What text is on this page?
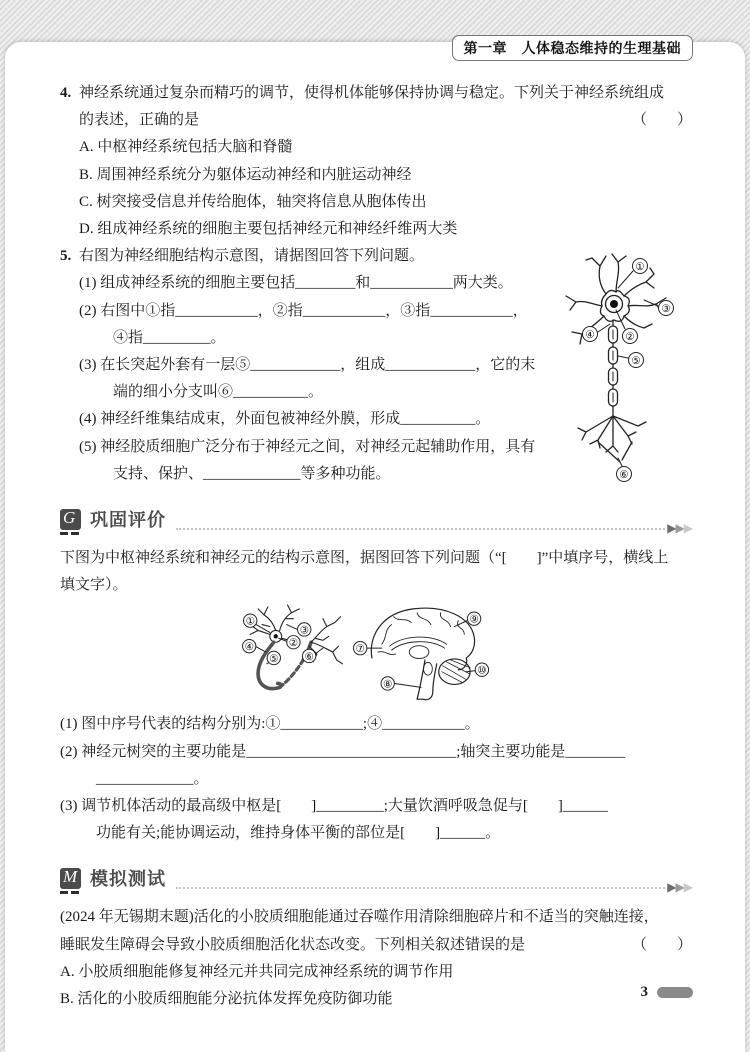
第一章　人体稳态维持的生理基础
4. 神经系统通过复杂而精巧的调节，使得机体能够保持协调与稳定。下列关于神经系统组成
的表述，正确的是	（　　）
A. 中枢神经系统包括大脑和脊髓
B. 周围神经系统分为躯体运动神经和内脏运动神经
C. 树突接受信息并传给胞体，轴突将信息从胞体传出
D. 组成神经系统的细胞主要包括神经元和神经纤维两大类
5. 右图为神经细胞结构示意图，请据图回答下列问题。
(1) 组成神经系统的细胞主要包括________和___________两大类。
(2) 右图中①指___________，②指___________，③指___________，
④指_________。
(3) 在长突起外套有一层⑤____________，组成____________，它的末
端的细小分支叫⑥__________。
(4) 神经纤维集结成束，外面包被神经外膜，形成__________。
(5) 神经胶质细胞广泛分布于神经元之间，对神经元起辅助作用，具有
支持、保护、_____________等多种功能。
①
②
③
④
⑤
⑥
G 巩固评价	▶▶▶
下图为中枢神经系统和神经元的结构示意图，据图回答下列问题（“[　　]”中填序号，横线上
填文字）。
①
②
③
④
⑤ ⑥
⑦
⑧
⑨
⑩
(1) 图中序号代表的结构分别为:①___________;④___________。
(2) 神经元树突的主要功能是____________________________;轴突主要功能是________
_____________。
(3) 调节机体活动的最高级中枢是[　　]_________;大量饮酒呼吸急促与[　　]______
功能有关;能协调运动，维持身体平衡的部位是[　　]______。
M 模拟测试	▶▶▶
(2024 年无锡期末题)活化的小胶质细胞能通过吞噬作用清除细胞碎片和不适当的突触连接，
睡眠发生障碍会导致小胶质细胞活化状态改变。下列相关叙述错误的是	（　　）
A. 小胶质细胞能修复神经元并共同完成神经系统的调节作用
B. 活化的小胶质细胞能分泌抗体发挥免疫防御功能	3
